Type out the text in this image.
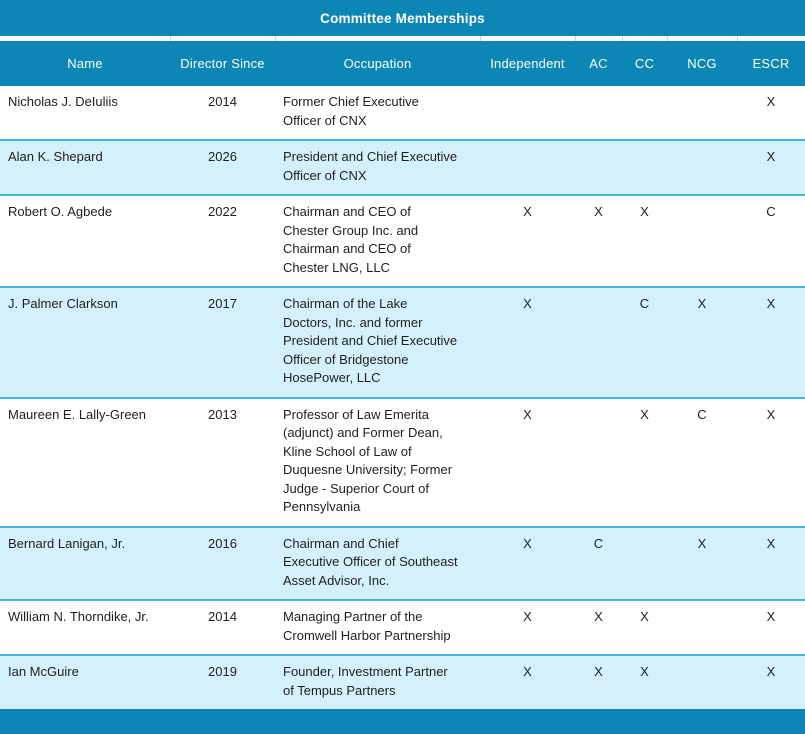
Committee Memberships
Name	Director Since	Occupation	Independent	AC	CC	NCG	ESCR
Nicholas J. DeIuliis	2014	Former Chief Executive Officer of CNX					X
Alan K. Shepard	2026	President and Chief Executive Officer of CNX					X
Robert O. Agbede	2022	Chairman and CEO of Chester Group Inc. and Chairman and CEO of Chester LNG, LLC	X	X	X		C
J. Palmer Clarkson	2017	Chairman of the Lake Doctors, Inc. and former President and Chief Executive Officer of Bridgestone HosePower, LLC	X		C	X	X
Maureen E. Lally-Green	2013	Professor of Law Emerita (adjunct) and Former Dean, Kline School of Law of Duquesne University; Former Judge - Superior Court of Pennsylvania	X		X	C	X
Bernard Lanigan, Jr.	2016	Chairman and Chief Executive Officer of Southeast Asset Advisor, Inc.	X	C		X	X
William N. Thorndike, Jr.	2014	Managing Partner of the Cromwell Harbor Partnership	X	X	X		X
Ian McGuire	2019	Founder, Investment Partner of Tempus Partners	X	X	X		X
